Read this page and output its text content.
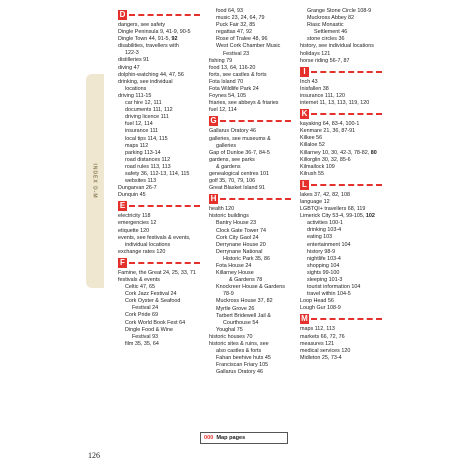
INDEX D-M
D
dangers, see safety
Dingle Peninsula 9, 41-9, 90-5
Dingle Town 44, 91-5, 92
disabilities, travellers with
122-3
distilleries 91
diving 47
dolphin-watching 44, 47, 56
drinking, see individual
locations
driving 111-15
car hire 12, 111
documents 111, 112
driving licence 111
fuel 12, 114
insurance 111
local tips 114, 115
maps 112
parking 113-14
road distances 112
road rules 113, 113
safety 36, 112-13, 114, 115
websites 113
Dungarvan 26-7
Dunquin 45
E
electricity 118
emergencies 12
etiquette 120
events, see festivals & events,
individual locations
exchange rates 120
F
Famine, the Great 24, 25, 33, 71
festivals & events
Celtic 47, 65
Cork Jazz Festival 24
Cork Oyster & Seafood
Festival 24
Cork Pride 69
Cork World Book Fest 64
Dingle Food & Wine
Festival 93
film 35, 35, 64
food 64, 93
music 23, 24, 64, 79
Puck Fair 32, 85
regattas 47, 92
Rose of Tralee 48, 96
West Cork Chamber Music
Festival 23
fishing 79
food 13, 64, 116-20
forts, see castles & forts
Fota Island 70
Fota Wildlife Park 24
Foynes 54, 105
friaries, see abbeys & friaries
fuel 12, 114
G
Gallarus Oratory 46
galleries, see museums &
galleries
Gap of Dunloe 36-7, 84-5
gardens, see parks
& gardens
genealogical centres 101
golf 35, 70, 79, 106
Great Blasket Island 91
H
health 120
historic buildings
Bantry House 23
Clock Gate Tower 74
Cork City Gaol 24
Derrynane House 20
Derrynane National
Historic Park 35, 86
Fota House 24
Killarney House
& Gardens 78
Knockreer House & Gardens
78-9
Muckross House 37, 82
Myrtle Grove 26
Tarbert Bridewell Jail &
Courthouse 54
Youghal 75
historic houses 70
historic sites & ruins, see
also castles & forts
Fahan beehive huts 45
Franciscan Friary 105
Gallarus Oratory 46
Grange Stone Circle 108-9
Muckross Abbey 82
Riasc Monastic
Settlement 46
stone circles 36
history, see individual locations
holidays 121
horse riding 56-7, 87
I
Inch 43
Inisfallen 38
insurance 111, 120
internet 11, 13, 113, 119, 120
K
kayaking 64, 83-4, 100-1
Kenmare 21, 36, 87-91
Kilkee 56
Killaloe 52
Killarney 10, 30, 42-3, 78-82, 80
Killorglin 30, 32, 85-6
Kilmallock 109
Kilrush 55
L
lakes 37, 42, 82, 108
language 12
LGBTQI+ travellers 68, 119
Limerick City 53-4, 99-105, 102
activities 100-1
drinking 103-4
eating 103
entertainment 104
history 98-9
nightlife 103-4
shopping 104
sights 99-100
sleeping 101-3
tourist information 104
travel within 104-5
Loop Head 56
Lough Gur 108-9
M
maps 112, 113
markets 66, 72, 76
measures 121
medical services 120
Midleton 25, 73-4
000 Map pages
126
